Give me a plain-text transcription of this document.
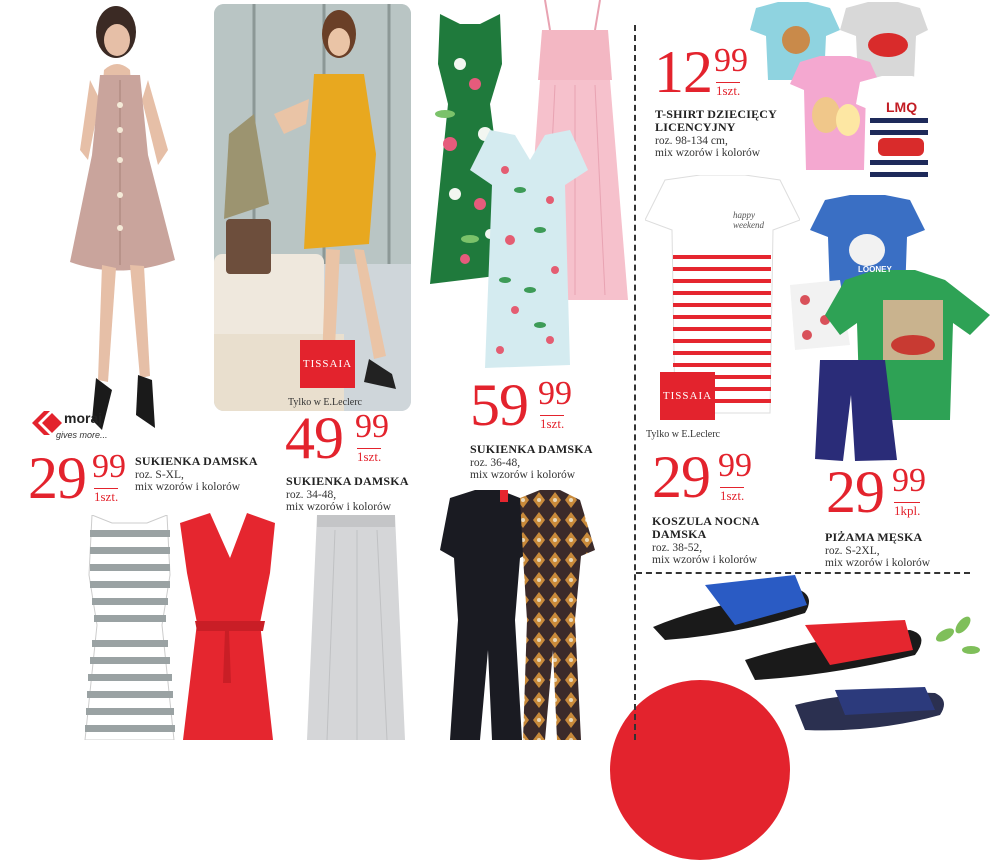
LMQ
happy weekend
LOONEY
moraj
gives more...
29 99
1szt.
SUKIENKA DAMSKA
roz. S-XL,
mix wzorów i kolorów
TISSAIA
Tylko w E.Leclerc
49 99
1szt.
SUKIENKA DAMSKA
roz. 34-48,
mix wzorów i kolorów
59 99
1szt.
SUKIENKA DAMSKA
roz. 36-48,
mix wzorów i kolorów
12 99
1szt.
T-SHIRT DZIECIĘCY
LICENCYJNY
roz. 98-134 cm,
mix wzorów i kolorów
TISSAIA
Tylko w E.Leclerc
29 99
1szt.
KOSZULA NOCNA
DAMSKA
roz. 38-52,
mix wzorów i kolorów
29 99
1kpl.
PIŻAMA MĘSKA
roz. S-2XL,
mix wzorów i kolorów
